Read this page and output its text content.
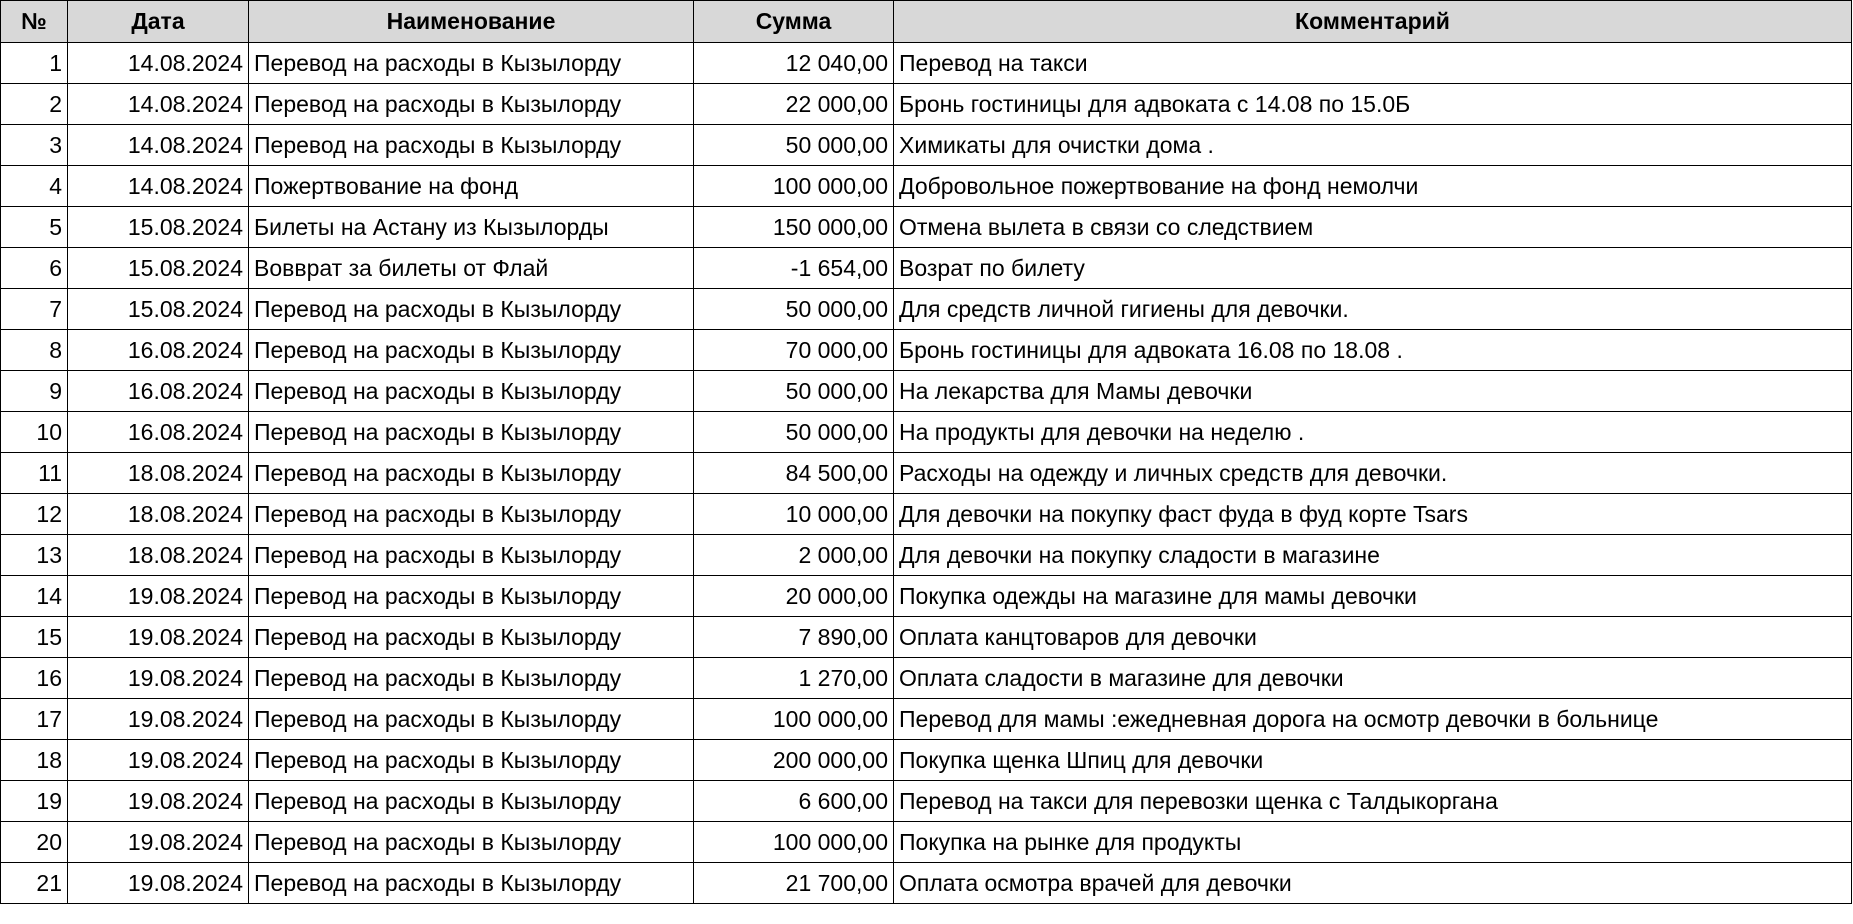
№	Дата	Наименование	Сумма	Комментарий
1	14.08.2024	Перевод на расходы в Кызылорду	12 040,00	Перевод на такси
2	14.08.2024	Перевод на расходы в Кызылорду	22 000,00	Бронь гостиницы для адвоката с 14.08 по 15.0Б
3	14.08.2024	Перевод на расходы в Кызылорду	50 000,00	Химикаты для очистки дома .
4	14.08.2024	Пожертвование на фонд	100 000,00	Добровольное пожертвование на фонд немолчи
5	15.08.2024	Билеты на Астану из Кызылорды	150 000,00	Отмена вылета в связи со следствием
6	15.08.2024	Вовврат за билеты от Флай	-1 654,00	Возрат по билету
7	15.08.2024	Перевод на расходы в Кызылорду	50 000,00	Для средств личной гигиены для девочки.
8	16.08.2024	Перевод на расходы в Кызылорду	70 000,00	Бронь гостиницы для адвоката 16.08 по 18.08 .
9	16.08.2024	Перевод на расходы в Кызылорду	50 000,00	На лекарства для Мамы девочки
10	16.08.2024	Перевод на расходы в Кызылорду	50 000,00	На продукты для девочки на неделю .
11	18.08.2024	Перевод на расходы в Кызылорду	84 500,00	Расходы на одежду и личных средств для девочки.
12	18.08.2024	Перевод на расходы в Кызылорду	10 000,00	Для девочки на покупку фаст фуда в фуд корте Tsars
13	18.08.2024	Перевод на расходы в Кызылорду	2 000,00	Для девочки на покупку сладости в магазине
14	19.08.2024	Перевод на расходы в Кызылорду	20 000,00	Покупка одежды на магазине для мамы девочки
15	19.08.2024	Перевод на расходы в Кызылорду	7 890,00	Оплата канцтоваров для девочки
16	19.08.2024	Перевод на расходы в Кызылорду	1 270,00	Оплата сладости в магазине для девочки
17	19.08.2024	Перевод на расходы в Кызылорду	100 000,00	Перевод для мамы :ежедневная дорога на осмотр девочки в больнице
18	19.08.2024	Перевод на расходы в Кызылорду	200 000,00	Покупка щенка Шпиц для девочки
19	19.08.2024	Перевод на расходы в Кызылорду	6 600,00	Перевод на такси для перевозки щенка с Талдыкоргана
20	19.08.2024	Перевод на расходы в Кызылорду	100 000,00	Покупка на рынке для продукты
21	19.08.2024	Перевод на расходы в Кызылорду	21 700,00	Оплата осмотра врачей для девочки
